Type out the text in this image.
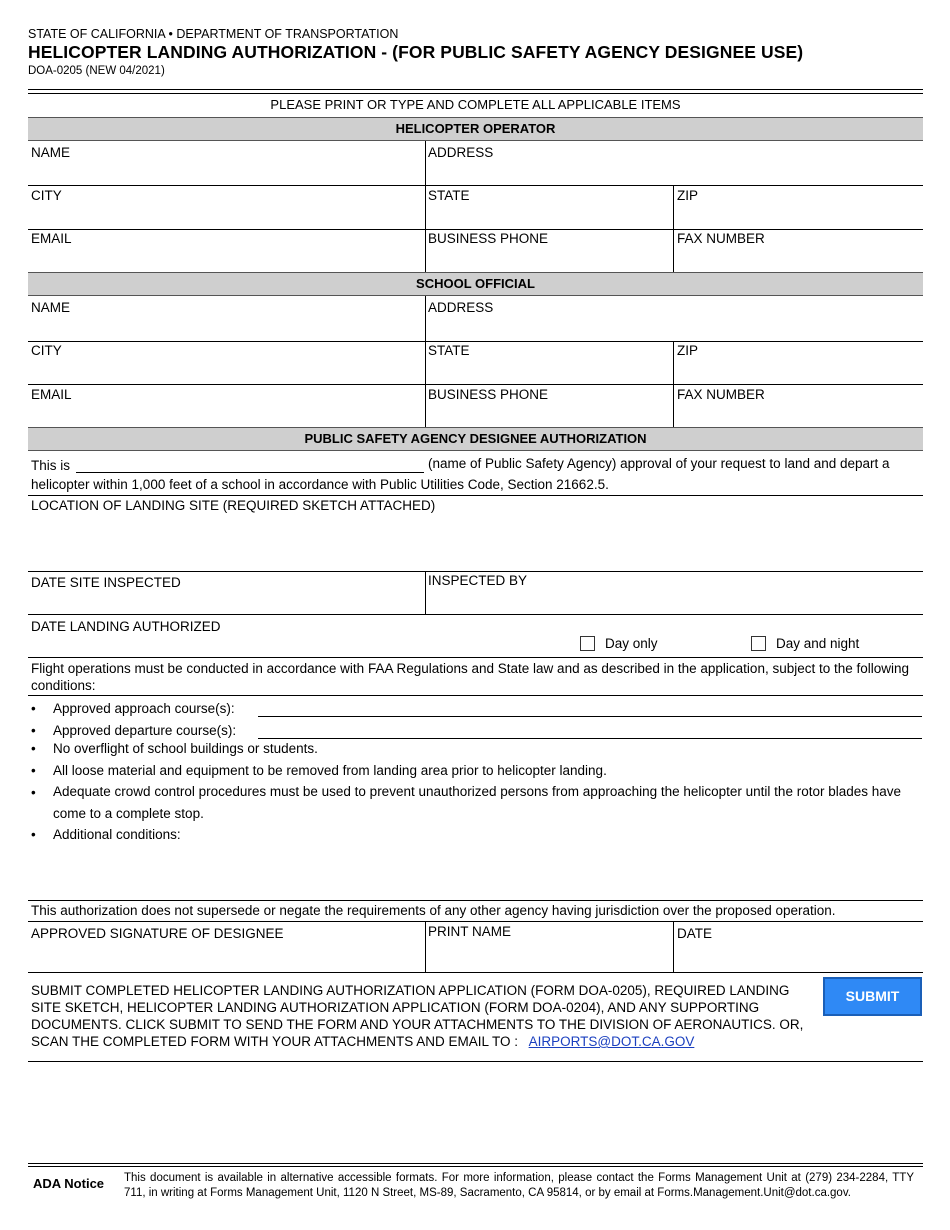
STATE OF CALIFORNIA • DEPARTMENT OF TRANSPORTATION
HELICOPTER LANDING AUTHORIZATION - (FOR PUBLIC SAFETY AGENCY DESIGNEE USE)
DOA-0205 (NEW 04/2021)
PLEASE PRINT OR TYPE AND COMPLETE ALL APPLICABLE ITEMS
HELICOPTER OPERATOR
NAME	ADDRESS
CITY	STATE	ZIP
EMAIL	BUSINESS PHONE	FAX NUMBER
SCHOOL OFFICIAL
NAME	ADDRESS
CITY	STATE	ZIP
EMAIL	BUSINESS PHONE	FAX NUMBER
PUBLIC SAFETY AGENCY DESIGNEE AUTHORIZATION
This is	(name of Public Safety Agency) approval of your request to land and depart a
helicopter within 1,000 feet of a school in accordance with Public Utilities Code, Section 21662.5.
LOCATION OF LANDING SITE (REQUIRED SKETCH ATTACHED)
DATE SITE INSPECTED	INSPECTED BY
DATE LANDING AUTHORIZED
Day only	Day and night
Flight operations must be conducted in accordance with FAA Regulations and State law and as described in the application, subject to the following conditions:
• Approved approach course(s):
• Approved departure course(s):
• No overflight of school buildings or students.
• All loose material and equipment to be removed from landing area prior to helicopter landing.
• Adequate crowd control procedures must be used to prevent unauthorized persons from approaching the helicopter until the rotor blades have come to a complete stop.
• Additional conditions:
This authorization does not supersede or negate the requirements of any other agency having jurisdiction over the proposed operation.
APPROVED SIGNATURE OF DESIGNEE	PRINT NAME	DATE
SUBMIT COMPLETED HELICOPTER LANDING AUTHORIZATION APPLICATION (FORM DOA-0205), REQUIRED LANDING SITE SKETCH, HELICOPTER LANDING AUTHORIZATION APPLICATION (FORM DOA-0204), AND ANY SUPPORTING DOCUMENTS. CLICK SUBMIT TO SEND THE FORM AND YOUR ATTACHMENTS TO THE DIVISION OF AERONAUTICS. OR, SCAN THE COMPLETED FORM WITH YOUR ATTACHMENTS AND EMAIL TO : AIRPORTS@DOT.CA.GOV
SUBMIT
ADA Notice This document is available in alternative accessible formats. For more information, please contact the Forms Management Unit at (279) 234-2284, TTY 711, in writing at Forms Management Unit, 1120 N Street, MS-89, Sacramento, CA 95814, or by email at Forms.Management.Unit@dot.ca.gov.
